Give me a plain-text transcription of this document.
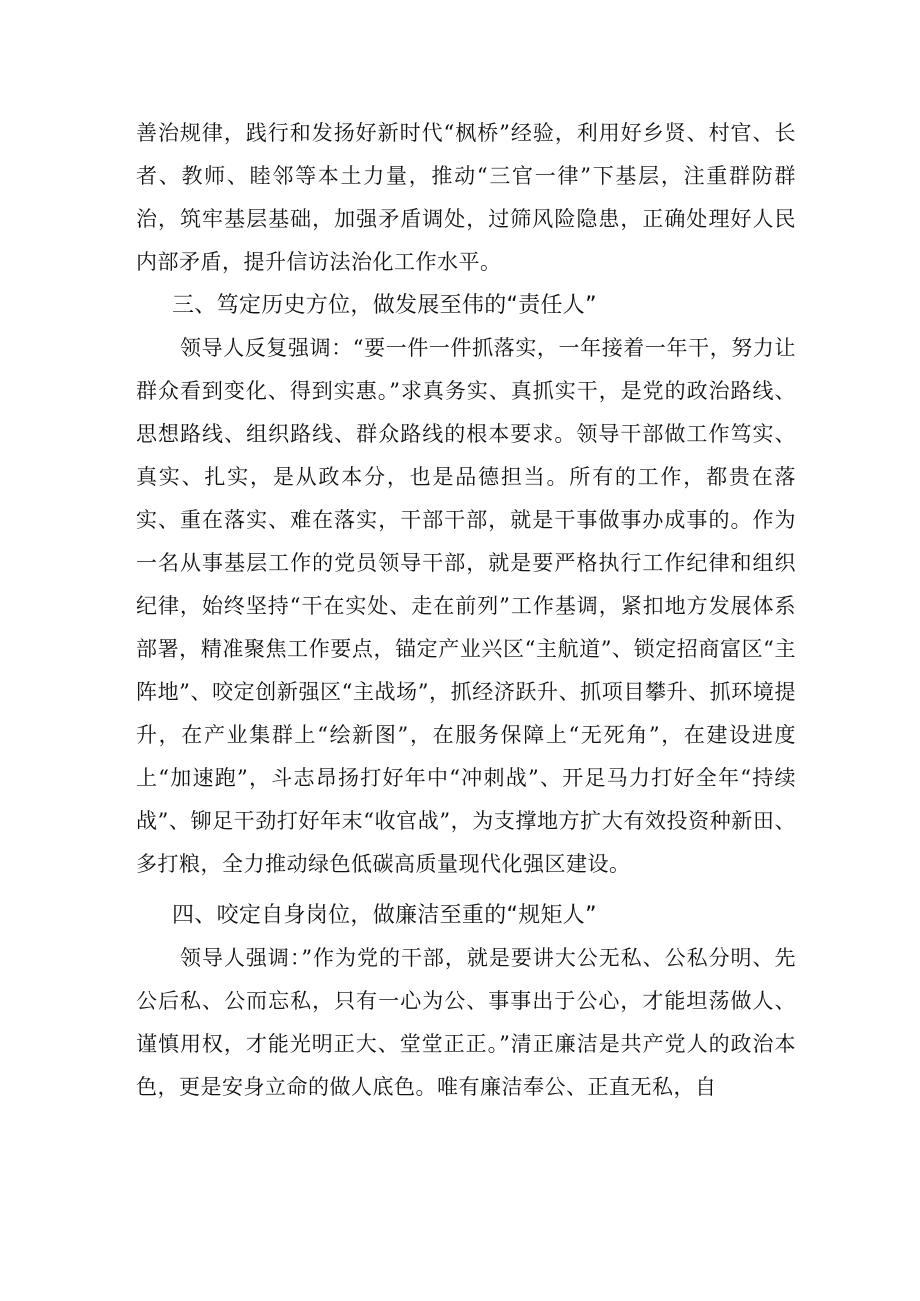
善治规律，践行和发扬好新时代“枫桥”经验，利用好乡贤、村官、长者、教师、睦邻等本土力量，推动“三官一律”下基层，注重群防群治，筑牢基层基础，加强矛盾调处，过筛风险隐患，正确处理好人民内部矛盾，提升信访法治化工作水平。

三、笃定历史方位，做发展至伟的“责任人”

领导人反复强调：“要一件一件抓落实，一年接着一年干，努力让群众看到变化、得到实惠。”求真务实、真抓实干，是党的政治路线、思想路线、组织路线、群众路线的根本要求。领导干部做工作笃实、真实、扎实，是从政本分，也是品德担当。所有的工作，都贵在落实、重在落实、难在落实，干部干部，就是干事做事办成事的。作为一名从事基层工作的党员领导干部，就是要严格执行工作纪律和组织纪律，始终坚持“干在实处、走在前列”工作基调，紧扣地方发展体系部署，精准聚焦工作要点，锚定产业兴区“主航道”、锁定招商富区“主阵地”、咬定创新强区“主战场”，抓经济跃升、抓项目攀升、抓环境提升，在产业集群上“绘新图”，在服务保障上“无死角”，在建设进度上“加速跑”，斗志昂扬打好年中“冲刺战”、开足马力打好全年“持续战”、铆足干劲打好年末“收官战”，为支撑地方扩大有效投资种新田、多打粮，全力推动绿色低碳高质量现代化强区建设。

四、咬定自身岗位，做廉洁至重的“规矩人”

领导人强调：”作为党的干部，就是要讲大公无私、公私分明、先公后私、公而忘私，只有一心为公、事事出于公心，才能坦荡做人、谨慎用权，才能光明正大、堂堂正正。”清正廉洁是共产党人的政治本色，更是安身立命的做人底色。唯有廉洁奉公、正直无私，自
